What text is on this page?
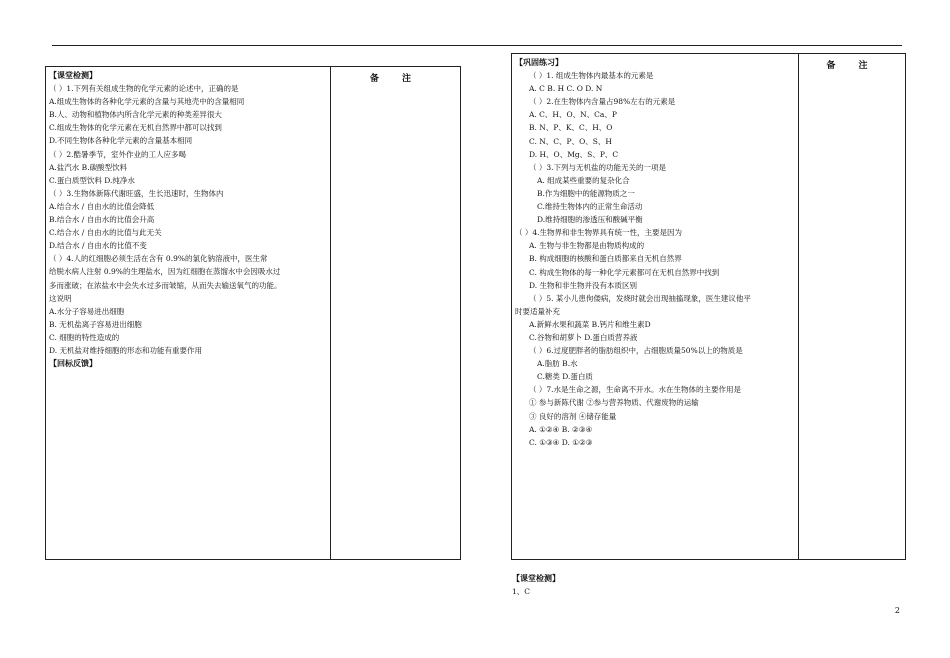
【课堂检测】
（ ）1.下列有关组成生物的化学元素的论述中，正确的是
A.组成生物体的各种化学元素的含量与其地壳中的含量相同
B.人、动物和植物体内所含化学元素的种类差异很大
C.组成生物体的化学元素在无机自然界中都可以找到
D.不同生物体各种化学元素的含量基本相同
（ ）2.酷暑季节，室外作业的工人应多喝
A.盐汽水 B.碳酸型饮料
C.蛋白质型饮料 D.纯净水
（ ）3.生物体新陈代谢旺盛，生长迅速时，生物体内
A.结合水 / 自由水的比值会降低
B.结合水 / 自由水的比值会升高
C.结合水 / 自由水的比值与此无关
D.结合水 / 自由水的比值不变
（ ）4.人的红细胞必须生活在含有 0.9%的氯化钠溶液中，医生常
给脱水病人注射 0.9%的生理盐水，因为红细胞在蒸馏水中会因吸水过
多而涨破；在浓盐水中会失水过多而皱缩，从而失去输送氧气的功能。
这说明
A.水分子容易进出细胞
B. 无机盐离子容易进出细胞
C. 细胞的特性造成的
D. 无机盐对维持细胞的形态和功能有重要作用
【回标反馈】
备 注
【巩固练习】
（ ）1. 组成生物体内最基本的元素是
A. C B. H C. O D. N
（ ）2.在生物体内含量占98%左右的元素是
A. C、H、O、N、Ca、P
B. N、P、K、C、H、O
C. N、C、P、O、S、H
D. H、O、Mg、S、P、C
（ ）3.下列与无机盐的功能无关的一项是
A. 组成某些重要的复杂化合
B.作为细胞中的能源物质之一
C.维持生物体内的正常生命活动
D.维持细胞的渗透压和酸碱平衡
（ ）4.生物界和非生物界具有统一性，主要是因为
A. 生物与非生物都是由物质构成的
B. 构成细胞的核酸和蛋白质都来自无机自然界
C. 构成生物体的每一种化学元素都可在无机自然界中找到
D. 生物和非生物并没有本质区别
（ ）5. 某小儿患佝偻病，发烧时就会出现抽搐现象，医生建议他平
时要适量补充
A.新鲜水果和蔬菜 B.钙片和维生素D
C.谷物和胡萝卜 D.蛋白质营养液
（ ）6.过度肥胖者的脂肪组织中，占细胞质量50%以上的物质是
A.脂肪 B.水
C.糖类 D.蛋白质
（ ）7.水是生命之源，生命离不开水。水在生物体的主要作用是
① 参与新陈代谢 ②参与营养物质、代谢废物的运输
③ 良好的溶剂 ④储存能量
A. ①②④ B. ②③④
C. ①③④ D. ①②③
备 注
【课堂检测】
1、C
2
